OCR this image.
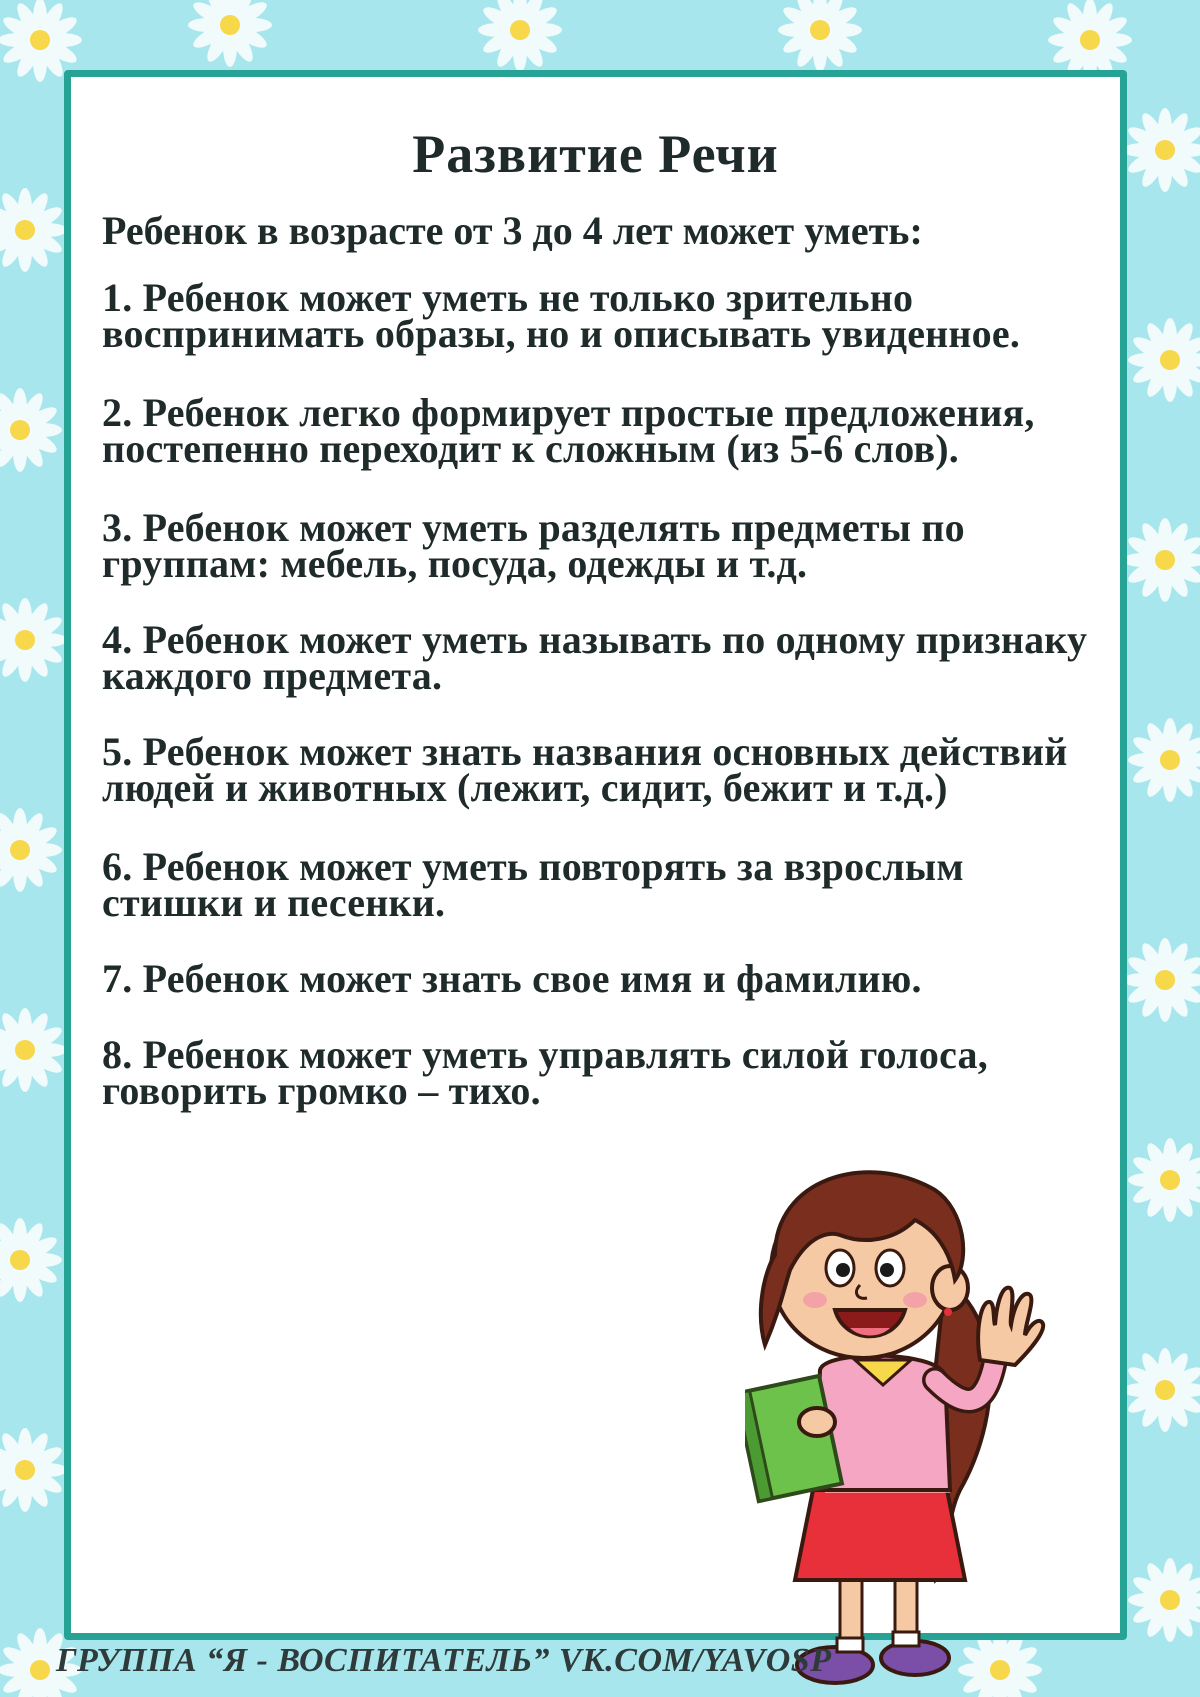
Развитие Речи
Ребенок в возрасте от 3 до 4 лет может уметь:
1. Ребенок может уметь не только зрительно воспринимать образы, но и описывать увиденное.
2. Ребенок легко формирует простые предложения, постепенно переходит к сложным (из 5-6 слов).
3. Ребенок может уметь разделять предметы по группам: мебель, посуда, одежды и т.д.
4. Ребенок может уметь называть по одному признаку каждого предмета.
5. Ребенок может знать названия основных действий людей и животных (лежит, сидит, бежит и т.д.)
6. Ребенок может уметь повторять за взрослым стишки и песенки.
7. Ребенок может знать свое имя и фамилию.
8. Ребенок может уметь управлять силой голоса, говорить громко – тихо.
ГРУППА “Я - ВОСПИТАТЕЛЬ” VK.COM/YAVOSP
